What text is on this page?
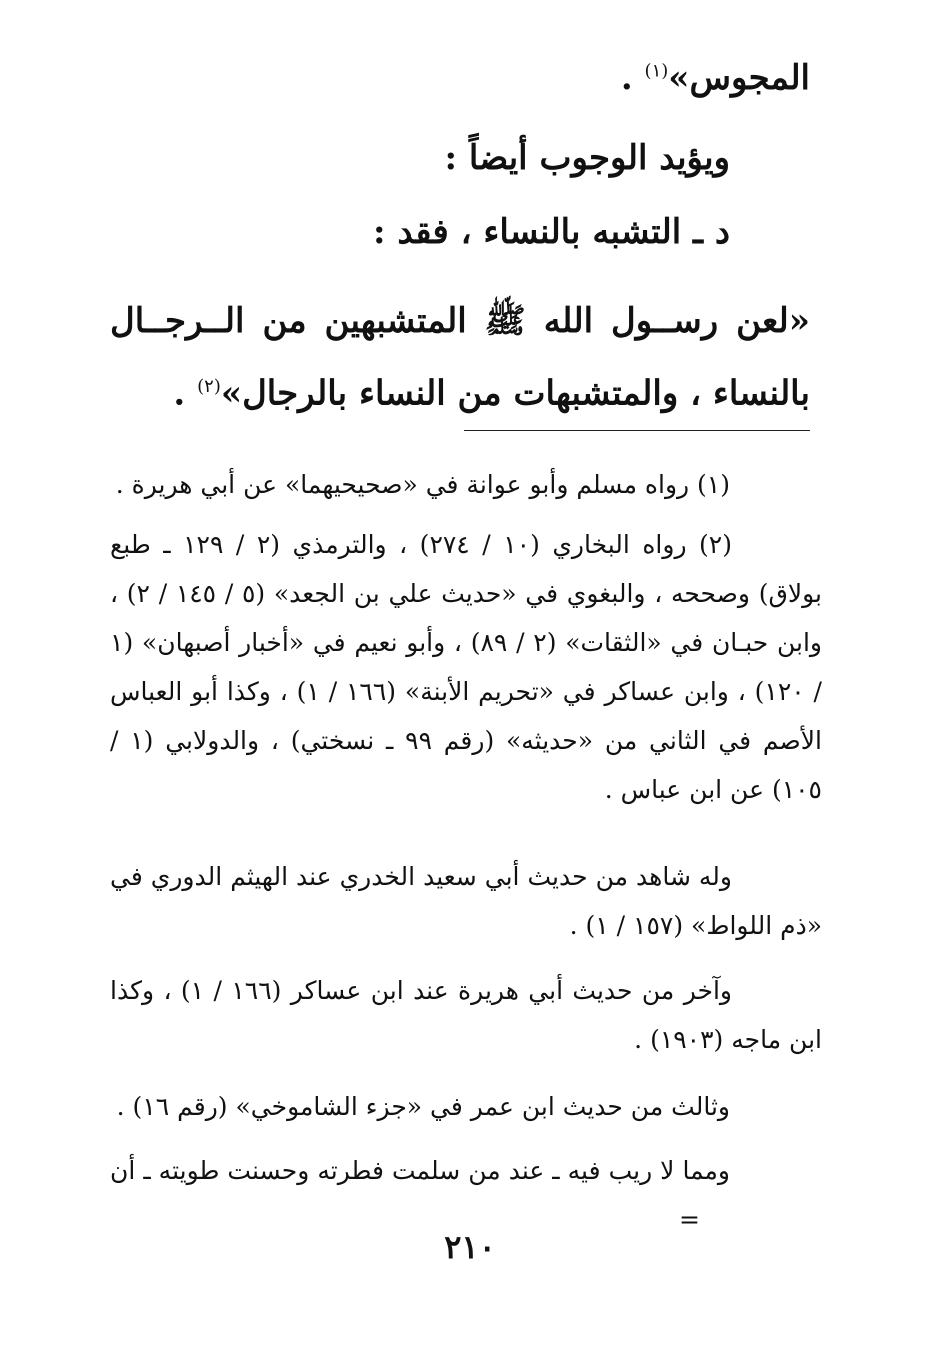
المجوس»$^{(١)}$ .
ويؤيد الوجوب أيضاً :
د ـ التشبه بالنساء ، فقد :
«لعن رســول الله ﷺ المتشبهين من الــرجــال بالنساء ، والمتشبهات من النساء بالرجال»$^{(٢)}$ .
(١) رواه مسلم وأبو عوانة في «صحيحيهما» عن أبي هريرة .
(٢) رواه البخاري (١٠ / ٢٧٤) ، والترمذي (٢ / ١٢٩ ـ طبع بولاق) وصححه ، والبغوي في «حديث علي بن الجعد» (٥ / ١٤٥ / ٢) ، وابن حبـان في «الثقات» (٢ / ٨٩) ، وأبو نعيم في «أخبار أصبهان» (١ / ١٢٠) ، وابن عساكر في «تحريم الأبنة» (١٦٦ / ١) ، وكذا أبو العباس الأصم في الثاني من «حديثه» (رقم ٩٩ ـ نسختي) ، والدولابي (١ / ١٠٥) عن ابن عباس .
وله شاهد من حديث أبي سعيد الخدري عند الهيثم الدوري في «ذم اللواط» (١٥٧ / ١) .
وآخر من حديث أبي هريرة عند ابن عساكر (١٦٦ / ١) ، وكذا ابن ماجه (١٩٠٣) .
وثالث من حديث ابن عمر في «جزء الشاموخي» (رقم ١٦) .
ومما لا ريب فيه ـ عند من سلمت فطرته وحسنت طويته ـ أن=
٢١٠
